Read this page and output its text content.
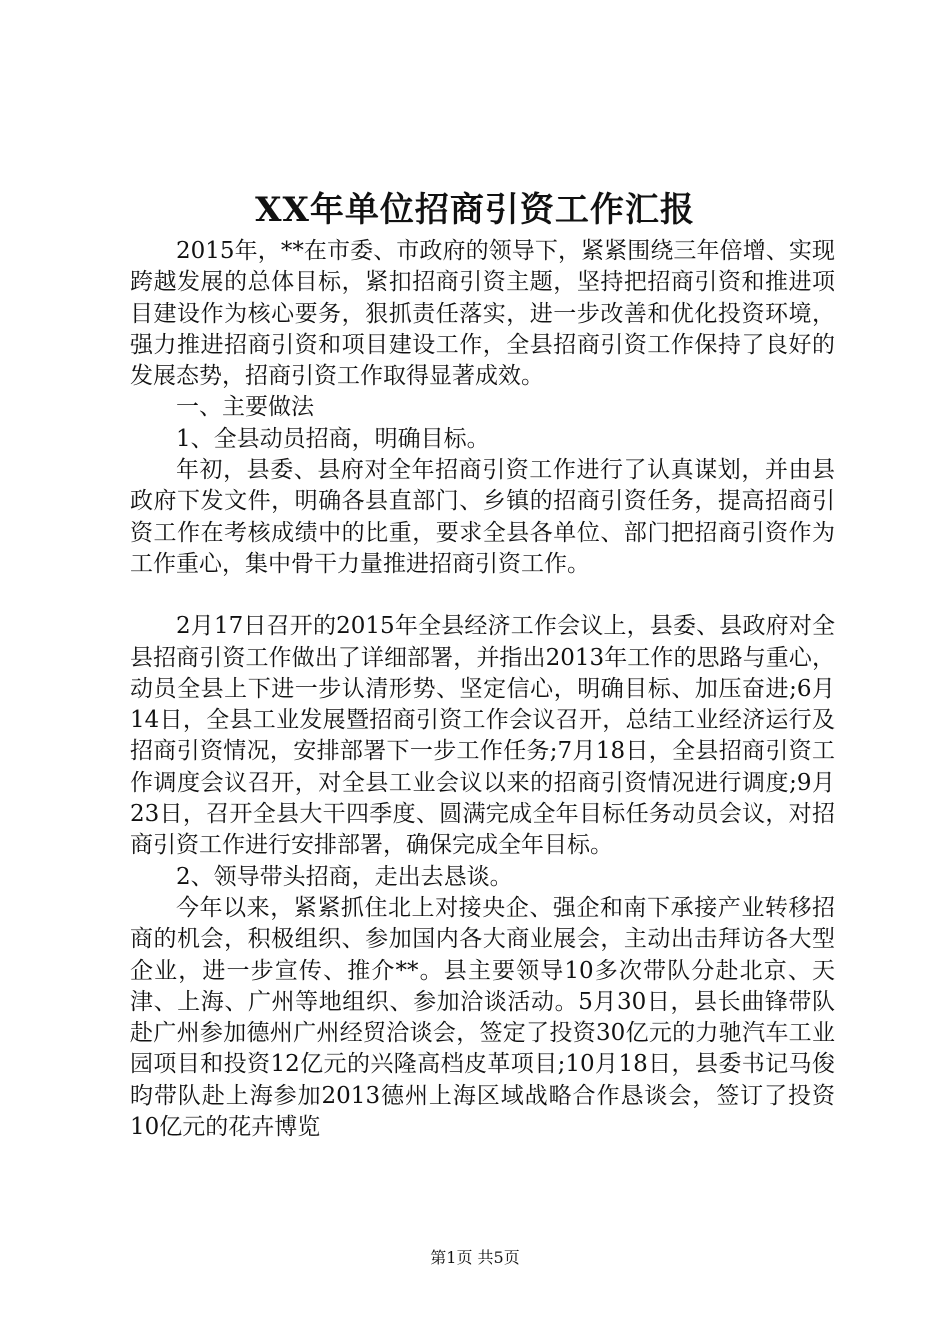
XX年单位招商引资工作汇报

2015年，**在市委、市政府的领导下，紧紧围绕三年倍增、实现跨越发展的总体目标，紧扣招商引资主题，坚持把招商引资和推进项目建设作为核心要务，狠抓责任落实，进一步改善和优化投资环境，强力推进招商引资和项目建设工作，全县招商引资工作保持了良好的发展态势，招商引资工作取得显著成效。

一、主要做法

1、全县动员招商，明确目标。

年初，县委、县府对全年招商引资工作进行了认真谋划，并由县政府下发文件，明确各县直部门、乡镇的招商引资任务，提高招商引资工作在考核成绩中的比重，要求全县各单位、部门把招商引资作为工作重心，集中骨干力量推进招商引资工作。

2月17日召开的2015年全县经济工作会议上，县委、县政府对全县招商引资工作做出了详细部署，并指出2013年工作的思路与重心，动员全县上下进一步认清形势、坚定信心，明确目标、加压奋进;6月14日，全县工业发展暨招商引资工作会议召开，总结工业经济运行及招商引资情况，安排部署下一步工作任务;7月18日，全县招商引资工作调度会议召开，对全县工业会议以来的招商引资情况进行调度;9月23日，召开全县大干四季度、圆满完成全年目标任务动员会议，对招商引资工作进行安排部署，确保完成全年目标。

2、领导带头招商，走出去恳谈。

今年以来，紧紧抓住北上对接央企、强企和南下承接产业转移招商的机会，积极组织、参加国内各大商业展会，主动出击拜访各大型企业，进一步宣传、推介**。县主要领导10多次带队分赴北京、天津、上海、广州等地组织、参加洽谈活动。5月30日，县长曲锋带队赴广州参加德州广州经贸洽谈会，签定了投资30亿元的力驰汽车工业园项目和投资12亿元的兴隆高档皮革项目;10月18日，县委书记马俊昀带队赴上海参加2013德州上海区域战略合作恳谈会，签订了投资10亿元的花卉博览

第1页 共5页
